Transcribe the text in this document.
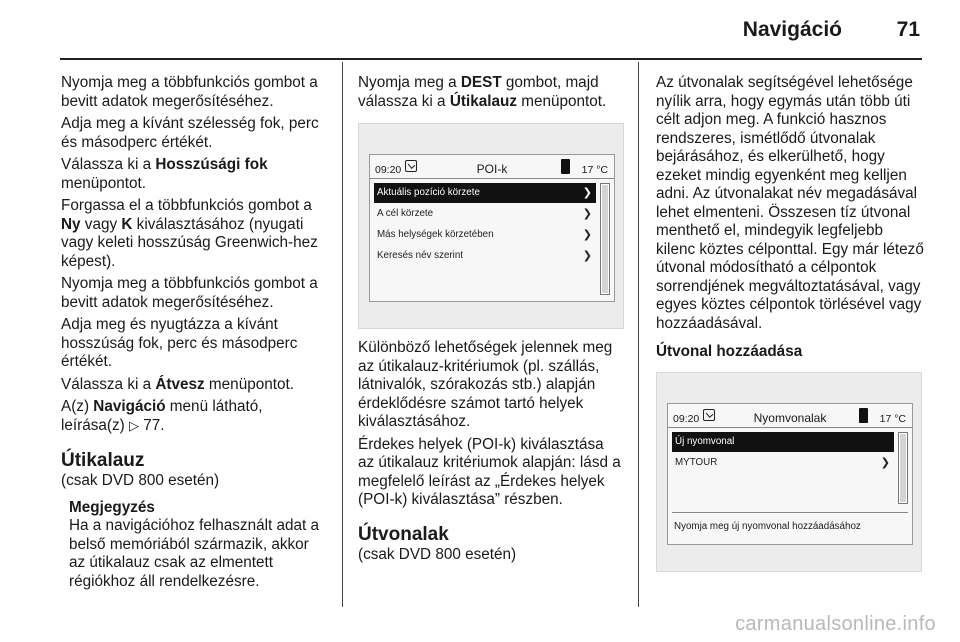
Navigáció	71

Nyomja meg a többfunkciós gombot a bevitt adatok megerősítéséhez.

Adja meg a kívánt szélesség fok, perc és másodperc értékét.

Válassza ki a Hosszúsági fok menüpontot.

Forgassa el a többfunkciós gombot a Ny vagy K kiválasztásához (nyugati vagy keleti hosszúság Greenwich-hez képest).

Nyomja meg a többfunkciós gombot a bevitt adatok megerősítéséhez.

Adja meg és nyugtázza a kívánt hosszúság fok, perc és másodperc értékét.

Válassza ki a Átvesz menüpontot.

A(z) Navigáció menü látható, leírása(z) ▷ 77.

Útikalauz
(csak DVD 800 esetén)
Megjegyzés
Ha a navigációhoz felhasznált adat a belső memóriából származik, akkor az útikalauz csak az elmentett régiókhoz áll rendelkezésre.

Nyomja meg a DEST gombot, majd válassza ki a Útikalauz menüpontot.

09:20	POI-k	17 °C
Aktuális pozíció körzete	❯
A cél körzete	❯
Más helységek körzetében	❯
Keresés név szerint	❯

Különböző lehetőségek jelennek meg az útikalauz-kritériumok (pl. szállás, látnivalók, szórakozás stb.) alapján érdeklődésre számot tartó helyek kiválasztásához.

Érdekes helyek (POI-k) kiválasztása az útikalauz kritériumok alapján: lásd a megfelelő leírást az „Érdekes helyek (POI-k) kiválasztása” részben.

Útvonalak
(csak DVD 800 esetén)

Az útvonalak segítségével lehetősége nyílik arra, hogy egymás után több úti célt adjon meg. A funkció hasznos rendszeres, ismétlődő útvonalak bejárásához, és elkerülhető, hogy ezeket mindig egyenként meg kelljen adni. Az útvonalakat név megadásával lehet elmenteni. Összesen tíz útvonal menthető el, mindegyik legfeljebb kilenc köztes célponttal. Egy már létező útvonal módosítható a célpontok sorrendjének megváltoztatásával, vagy egyes köztes célpontok törlésével vagy hozzáadásával.

Útvonal hozzáadása
09:20	Nyomvonalak	17 °C
Új nyomvonal
MYTOUR	❯
Nyomja meg új nyomvonal hozzáadásához
carmanualsonline.info
